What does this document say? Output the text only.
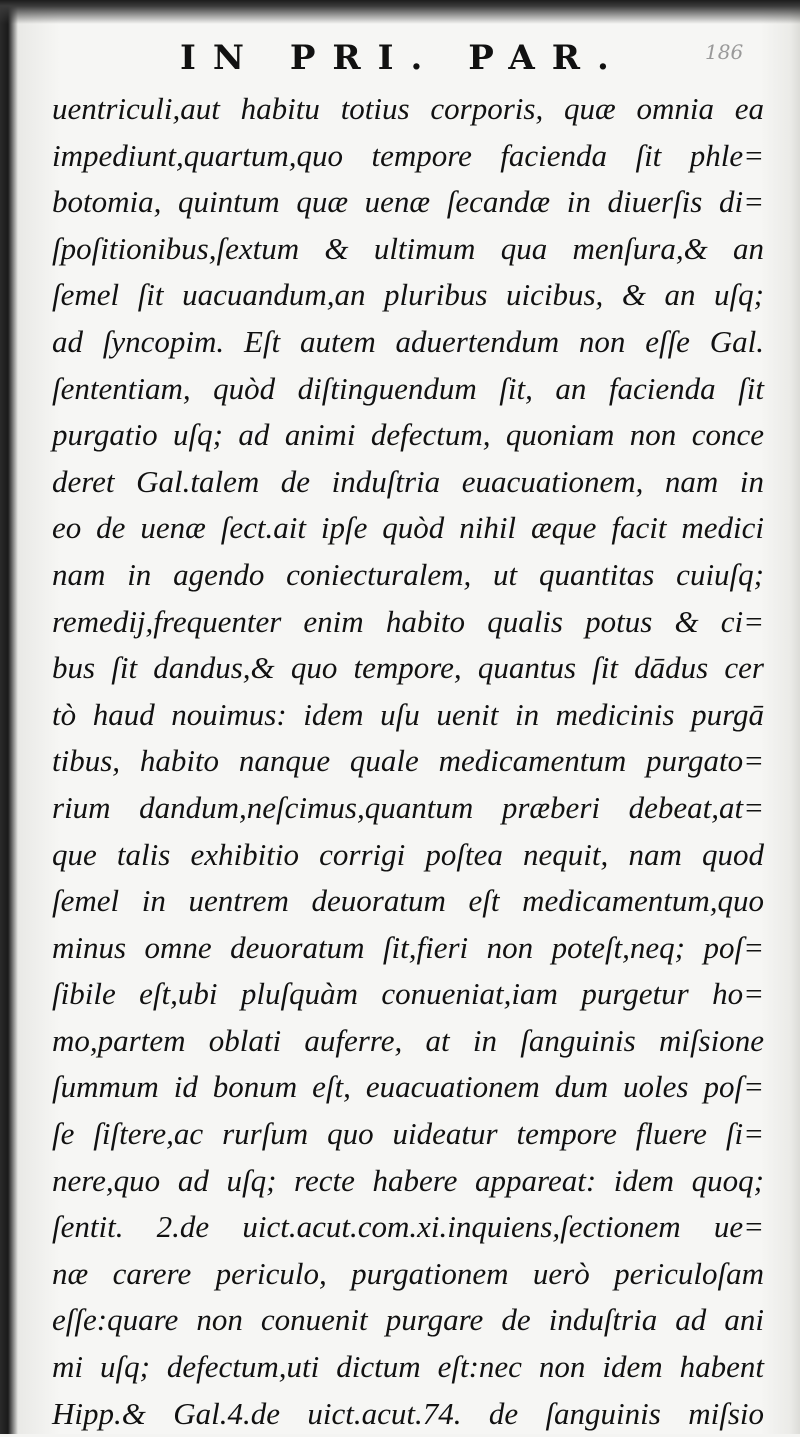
IN PRI. PAR.	186
uentriculi,aut habitu totius corporis, quæ omnia ea
impediunt,quartum,quo tempore facienda ſit phle=
botomia, quintum quæ uenæ ſecandæ in diuerſis di=
ſpoſitionibus,ſextum & ultimum qua menſura,& an
ſemel ſit uacuandum,an pluribus uicibus, & an uſq;
ad ſyncopim. Eſt autem aduertendum non eſſe Gal.
ſententiam, quòd diſtinguendum ſit, an facienda ſit
purgatio uſq; ad animi defectum, quoniam non conce
deret Gal.talem de induſtria euacuationem, nam in
eo de uenæ ſect.ait ipſe quòd nihil æque facit medici
nam in agendo coniecturalem, ut quantitas cuiuſq;
remedij,frequenter enim habito qualis potus & ci=
bus ſit dandus,& quo tempore, quantus ſit dādus cer
tò haud nouimus: idem uſu uenit in medicinis purgā
tibus, habito nanque quale medicamentum purgato=
rium dandum,neſcimus,quantum præberi debeat,at=
que talis exhibitio corrigi poſtea nequit, nam quod
ſemel in uentrem deuoratum eſt medicamentum,quo
minus omne deuoratum ſit,fieri non poteſt,neq; poſ=
ſibile eſt,ubi pluſquàm conueniat,iam purgetur ho=
mo,partem oblati auferre, at in ſanguinis miſsione
ſummum id bonum eſt, euacuationem dum uoles poſ=
ſe ſiſtere,ac rurſum quo uideatur tempore fluere ſi=
nere,quo ad uſq; recte habere appareat: idem quoq;
ſentit. 2.de uict.acut.com.xi.inquiens,ſectionem ue=
næ carere periculo, purgationem uerò periculoſam
eſſe:quare non conuenit purgare de induſtria ad ani
mi uſq; defectum,uti dictum eſt:nec non idem habent
Hipp.& Gal.4.de uict.acut.74. de ſanguinis miſsio
